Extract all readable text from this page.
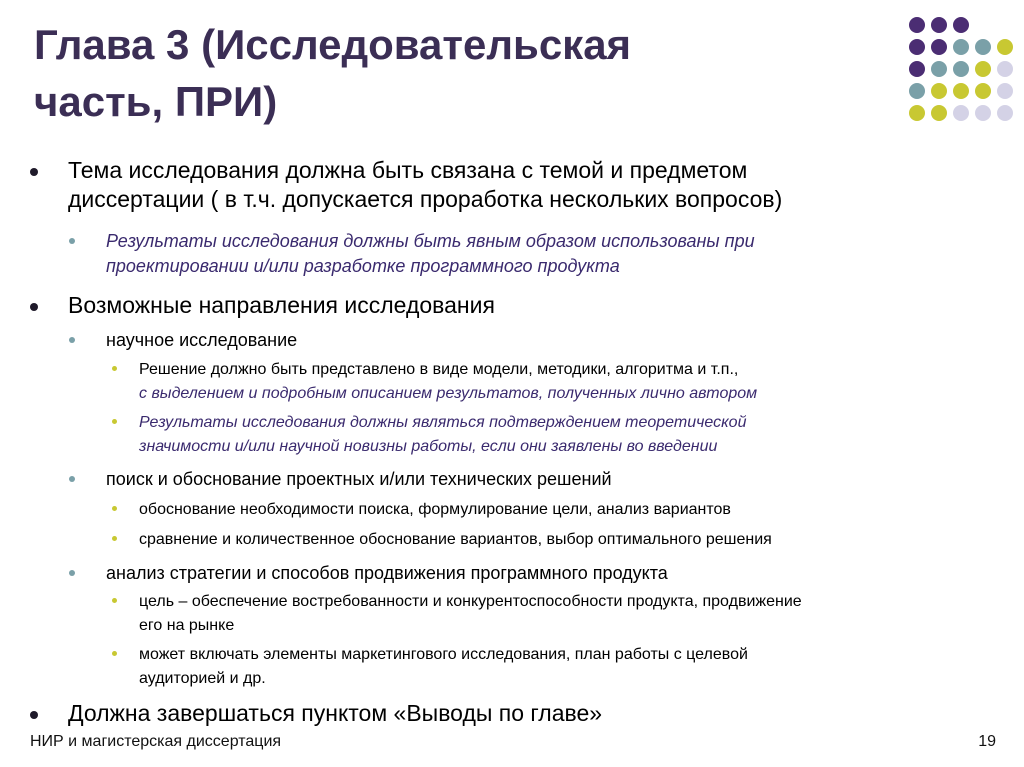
Глава 3 (Исследовательская
часть, ПРИ)
Тема исследования должна быть связана с темой и предметом
диссертации ( в т.ч. допускается проработка нескольких вопросов)
Результаты исследования должны быть явным образом использованы при
проектировании и/или разработке программного продукта
Возможные направления исследования
научное исследование
Решение должно быть представлено в виде модели, методики, алгоритма и т.п.,
с выделением и подробным описанием результатов, полученных лично автором
Результаты исследования должны являться подтверждением теоретической
значимости и/или научной новизны работы, если они заявлены во введении
поиск и обоснование проектных и/или технических решений
обоснование необходимости поиска, формулирование цели, анализ вариантов
сравнение и количественное обоснование вариантов, выбор оптимального решения
анализ стратегии и способов продвижения программного продукта
цель – обеспечение востребованности и конкурентоспособности продукта, продвижение
его на рынке
может включать элементы маркетингового исследования, план работы с целевой
аудиторией и др.
Должна завершаться пунктом «Выводы по главе»
НИР и магистерская диссертация	19
